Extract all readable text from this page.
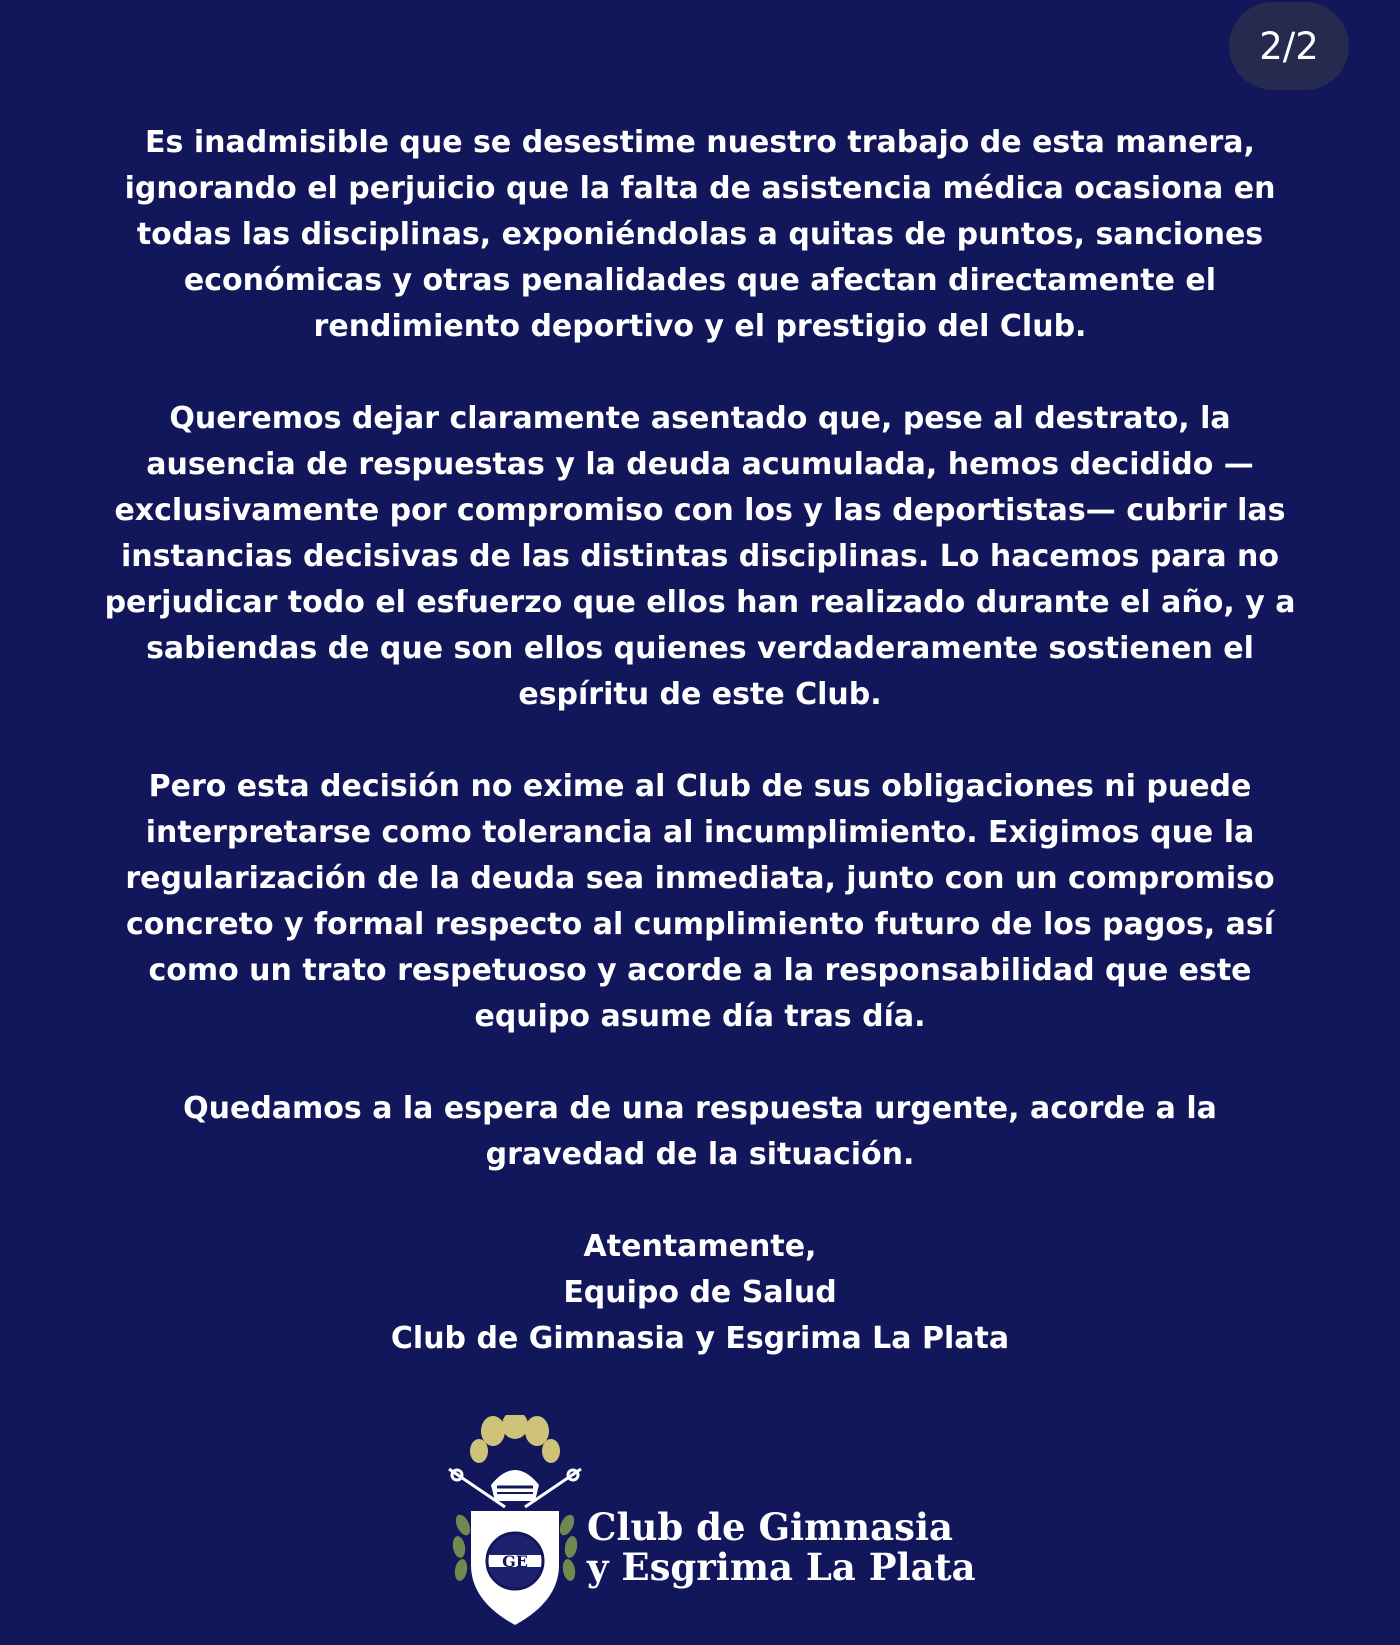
2/2

Es inadmisible que se desestime nuestro trabajo de esta manera, ignorando el perjuicio que la falta de asistencia médica ocasiona en todas las disciplinas, exponiéndolas a quitas de puntos, sanciones económicas y otras penalidades que afectan directamente el rendimiento deportivo y el prestigio del Club.

Queremos dejar claramente asentado que, pese al destrato, la ausencia de respuestas y la deuda acumulada, hemos decidido —exclusivamente por compromiso con los y las deportistas— cubrir las instancias decisivas de las distintas disciplinas. Lo hacemos para no perjudicar todo el esfuerzo que ellos han realizado durante el año, y a sabiendas de que son ellos quienes verdaderamente sostienen el espíritu de este Club.

Pero esta decisión no exime al Club de sus obligaciones ni puede interpretarse como tolerancia al incumplimiento. Exigimos que la regularización de la deuda sea inmediata, junto con un compromiso concreto y formal respecto al cumplimiento futuro de los pagos, así como un trato respetuoso y acorde a la responsabilidad que este equipo asume día tras día.

Quedamos a la espera de una respuesta urgente, acorde a la gravedad de la situación.

Atentamente,
Equipo de Salud
Club de Gimnasia y Esgrima La Plata

GE
Club de Gimnasia
y Esgrima La Plata
